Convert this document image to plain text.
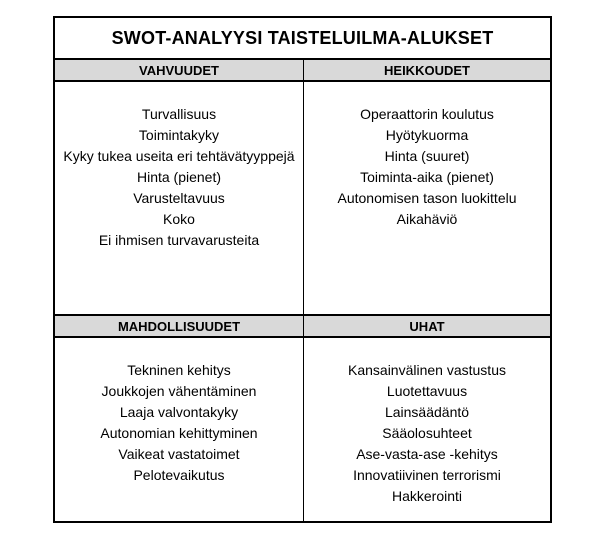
SWOT-ANALYYSI TAISTELUILMA-ALUKSET
VAHVUUDET
Turvallisuus
Toimintakyky
Kyky tukea useita eri tehtävätyyppejä
Hinta (pienet)
Varusteltavuus
Koko
Ei ihmisen turvavarusteita
HEIKKOUDET
Operaattorin koulutus
Hyötykuorma
Hinta (suuret)
Toiminta-aika (pienet)
Autonomisen tason luokittelu
Aikahäviö
MAHDOLLISUUDET
Tekninen kehitys
Joukkojen vähentäminen
Laaja valvontakyky
Autonomian kehittyminen
Vaikeat vastatoimet
Pelotevaikutus
UHAT
Kansainvälinen vastustus
Luotettavuus
Lainsäädäntö
Sääolosuhteet
Ase-vasta-ase -kehitys
Innovatiivinen terrorismi
Hakkerointi
